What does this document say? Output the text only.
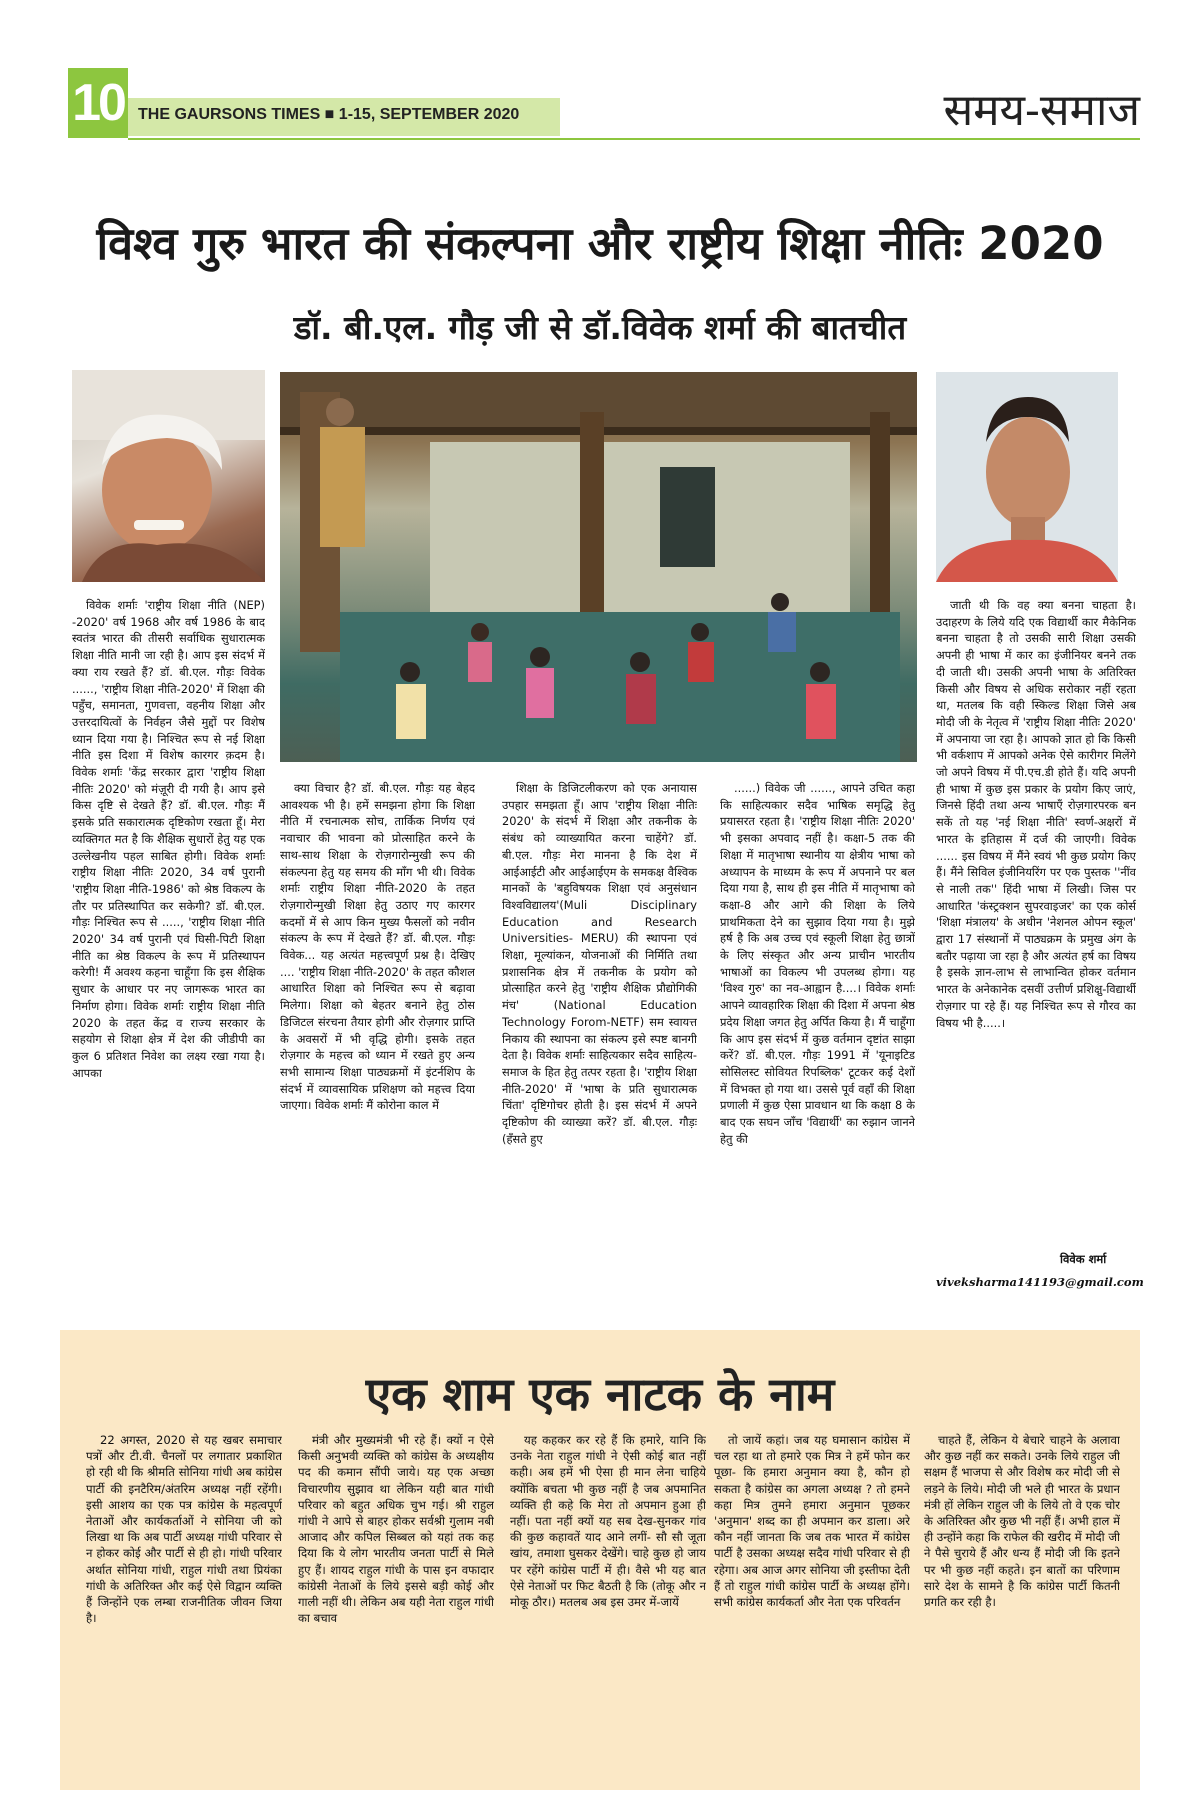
10 THE GAURSONS TIMES ■ 1-15, SEPTEMBER 2020	समय-समाज
विश्व गुरु भारत की संकल्पना और राष्ट्रीय शिक्षा नीतिः 2020
डॉ. बी.एल. गौड़ जी से डॉ.विवेक शर्मा की बातचीत

विवेक शर्माः 'राष्ट्रीय शिक्षा नीति (NEP) -2020' वर्ष 1968 और वर्ष 1986 के बाद स्वतंत्र भारत की तीसरी सर्वाधिक सुधारात्मक शिक्षा नीति मानी जा रही है। आप इस संदर्भ में क्या राय रखते हैं? डॉ. बी.एल. गौड़ः विवेक ......, 'राष्ट्रीय शिक्षा नीति-2020' में शिक्षा की पहुँच, समानता, गुणवत्ता, वहनीय शिक्षा और उत्तरदायित्वों के निर्वहन जैसे मुद्दों पर विशेष ध्यान दिया गया है। निश्चित रूप से नई शिक्षा नीति इस दिशा में विशेष कारगर क़दम है। विवेक शर्माः 'केंद्र सरकार द्वारा 'राष्ट्रीय शिक्षा नीतिः 2020' को मंज़ूरी दी गयी है। आप इसे किस दृष्टि से देखते हैं? डॉ. बी.एल. गौड़ः मैं इसके प्रति सकारात्मक दृष्टिकोण रखता हूँ। मेरा व्यक्तिगत मत है कि शैक्षिक सुधारों हेतु यह एक उल्लेखनीय पहल साबित होगी। विवेक शर्माः राष्ट्रीय शिक्षा नीतिः 2020, 34 वर्ष पुरानी 'राष्ट्रीय शिक्षा नीति-1986' को श्रेष्ठ विकल्प के तौर पर प्रतिस्थापित कर सकेगी? डॉ. बी.एल. गौड़ः निश्चित रूप से ....., 'राष्ट्रीय शिक्षा नीति 2020' 34 वर्ष पुरानी एवं घिसी-पिटी शिक्षा नीति का श्रेष्ठ विकल्प के रूप में प्रतिस्थापन करेगी! मैं अवश्य कहना चाहूँगा कि इस शैक्षिक सुधार के आधार पर नए जागरूक भारत का निर्माण होगा। विवेक शर्माः राष्ट्रीय शिक्षा नीति 2020 के तहत केंद्र व राज्य सरकार के सहयोग से शिक्षा क्षेत्र में देश की जीडीपी का कुल 6 प्रतिशत निवेश का लक्ष्य रखा गया है। आपका

क्या विचार है? डॉ. बी.एल. गौड़ः यह बेहद आवश्यक भी है। हमें समझना होगा कि शिक्षा नीति में रचनात्मक सोच, तार्किक निर्णय एवं नवाचार की भावना को प्रोत्साहित करने के साथ-साथ शिक्षा के रोज़गारोन्मुखी रूप की संकल्पना हेतु यह समय की माँग भी थी। विवेक शर्माः राष्ट्रीय शिक्षा नीति-2020 के तहत रोज़गारोन्मुखी शिक्षा हेतु उठाए गए कारगर कदमों में से आप किन मुख्य फैसलों को नवीन संकल्प के रूप में देखते हैं? डॉ. बी.एल. गौड़ः विवेक... यह अत्यंत महत्त्वपूर्ण प्रश्न है। देखिए .... 'राष्ट्रीय शिक्षा नीति-2020' के तहत कौशल आधारित शिक्षा को निश्चित रूप से बढ़ावा मिलेगा। शिक्षा को बेहतर बनाने हेतु ठोस डिजिटल संरचना तैयार होगी और रोज़गार प्राप्ति के अवसरों में भी वृद्धि होगी। इसके तहत रोज़गार के महत्त्व को ध्यान में रखते हुए अन्य सभी सामान्य शिक्षा पाठ्यक्रमों में इंटर्नशिप के संदर्भ में व्यावसायिक प्रशिक्षण को महत्त्व दिया जाएगा। विवेक शर्माः मैं कोरोना काल में

शिक्षा के डिजिटलीकरण को एक अनायास उपहार समझता हूँ। आप 'राष्ट्रीय शिक्षा नीतिः 2020' के संदर्भ में शिक्षा और तकनीक के संबंध को व्याख्यायित करना चाहेंगे? डॉ. बी.एल. गौड़ः मेरा मानना है कि देश में आईआईटी और आईआईएम के समकक्ष वैश्विक मानकों के 'बहुविषयक शिक्षा एवं अनुसंधान विश्वविद्यालय'(Muli Disciplinary Education and Research Universities- MERU) की स्थापना एवं शिक्षा, मूल्यांकन, योजनाओं की निर्मिति तथा प्रशासनिक क्षेत्र में तकनीक के प्रयोग को प्रोत्साहित करने हेतु 'राष्ट्रीय शैक्षिक प्रौद्योगिकी मंच' (National Education Technology Forom-NETF) सम स्वायत्त निकाय की स्थापना का संकल्प इसे स्पष्ट बानगी देता है। विवेक शर्माः साहित्यकार सदैव साहित्य-समाज के हित हेतु तत्पर रहता है। 'राष्ट्रीय शिक्षा नीति-2020' में 'भाषा के प्रति सुधारात्मक चिंता' दृष्टिगोचर होती है। इस संदर्भ में अपने दृष्टिकोण की व्याख्या करें? डॉ. बी.एल. गौड़ः (हँसते हुए

......) विवेक जी ......, आपने उचित कहा कि साहित्यकार सदैव भाषिक समृद्धि हेतु प्रयासरत रहता है। 'राष्ट्रीय शिक्षा नीतिः 2020' भी इसका अपवाद नहीं है। कक्षा-5 तक की शिक्षा में मातृभाषा स्थानीय या क्षेत्रीय भाषा को अध्यापन के माध्यम के रूप में अपनाने पर बल दिया गया है, साथ ही इस नीति में मातृभाषा को कक्षा-8 और आगे की शिक्षा के लिये प्राथमिकता देने का सुझाव दिया गया है। मुझे हर्ष है कि अब उच्च एवं स्कूली शिक्षा हेतु छात्रों के लिए संस्कृत और अन्य प्राचीन भारतीय भाषाओं का विकल्प भी उपलब्ध होगा। यह 'विश्व गुरु' का नव-आह्वान है....। विवेक शर्माः आपने व्यावहारिक शिक्षा की दिशा में अपना श्रेष्ठ प्रदेय शिक्षा जगत हेतु अर्पित किया है। मैं चाहूँगा कि आप इस संदर्भ में कुछ वर्तमान दृष्टांत साझा करें? डॉ. बी.एल. गौड़ः 1991 में 'यूनाइटिड सोसिलस्ट सोवियत रिपब्लिक' टूटकर कई देशों में विभक्त हो गया था। उससे पूर्व वहाँ की शिक्षा प्रणाली में कुछ ऐसा प्रावधान था कि कक्षा 8 के बाद एक सघन जाँच 'विद्यार्थी' का रुझान जानने हेतु की

जाती थी कि वह क्या बनना चाहता है। उदाहरण के लिये यदि एक विद्यार्थी कार मैकेनिक बनना चाहता है तो उसकी सारी शिक्षा उसकी अपनी ही भाषा में कार का इंजीनियर बनने तक दी जाती थी। उसकी अपनी भाषा के अतिरिक्त किसी और विषय से अधिक सरोकार नहीं रहता था, मतलब कि वही स्किल्ड शिक्षा जिसे अब मोदी जी के नेतृत्व में 'राष्ट्रीय शिक्षा नीतिः 2020' में अपनाया जा रहा है। आपको ज्ञात हो कि किसी भी वर्कशाप में आपको अनेक ऐसे कारीगर मिलेंगे जो अपने विषय में पी.एच.डी होते हैं। यदि अपनी ही भाषा में कुछ इस प्रकार के प्रयोग किए जाएं, जिनसे हिंदी तथा अन्य भाषाएँ रोज़गारपरक बन सकें तो यह 'नई शिक्षा नीति' स्वर्ण-अक्षरों में भारत के इतिहास में दर्ज की जाएगी। विवेक ...... इस विषय में मैंने स्वयं भी कुछ प्रयोग किए हैं। मैंने सिविल इंजीनियरिंग पर एक पुस्तक ''नींव से नाली तक'' हिंदी भाषा में लिखी। जिस पर आधारित 'कंस्ट्रक्शन सुपरवाइजर' का एक कोर्स 'शिक्षा मंत्रालय' के अधीन 'नेशनल ओपन स्कूल' द्वारा 17 संस्थानों में पाठ्यक्रम के प्रमुख अंग के बतौर पढ़ाया जा रहा है और अत्यंत हर्ष का विषय है इसके ज्ञान-लाभ से लाभान्वित होकर वर्तमान भारत के अनेकानेक दसवीं उत्तीर्ण प्रशिक्षु-विद्यार्थी रोज़गार पा रहे हैं। यह निश्चित रूप से गौरव का विषय भी है.....।

विवेक शर्मा
viveksharma141193@gmail.com
एक शाम एक नाटक के नाम

22 अगस्त, 2020 से यह खबर समाचार पत्रों और टी.वी. चैनलों पर लगातार प्रकाशित हो रही थी कि श्रीमति सोनिया गांधी अब कांग्रेस पार्टी की इनटैरिम/अंतरिम अध्यक्ष नहीं रहेंगी। इसी आशय का एक पत्र कांग्रेस के महत्वपूर्ण नेताओं और कार्यकर्ताओं ने सोनिया जी को लिखा था कि अब पार्टी अध्यक्ष गांधी परिवार से न होकर कोई और पार्टी से ही हो। गांधी परिवार अर्थात सोनिया गांधी, राहुल गांधी तथा प्रियंका गांधी के अतिरिक्त और कई ऐसे विद्वान व्यक्ति हैं जिन्होंने एक लम्बा राजनीतिक जीवन जिया है।

मंत्री और मुख्यमंत्री भी रहे हैं। क्यों न ऐसे किसी अनुभवी व्यक्ति को कांग्रेस के अध्यक्षीय पद की कमान सौंपी जाये। यह एक अच्छा विचारणीय सुझाव था लेकिन यही बात गांधी परिवार को बहुत अधिक चुभ गई। श्री राहुल गांधी ने आपे से बाहर होकर सर्वश्री गुलाम नबी आजाद और कपिल सिब्बल को यहां तक कह दिया कि ये लोग भारतीय जनता पार्टी से मिले हुए हैं। शायद राहुल गांधी के पास इन वफादार कांग्रेसी नेताओं के लिये इससे बड़ी कोई और गाली नहीं थी। लेकिन अब यही नेता राहुल गांधी का बचाव

यह कहकर कर रहे हैं कि हमारे, यानि कि उनके नेता राहुल गांधी ने ऐसी कोई बात नहीं कही। अब हमें भी ऐसा ही मान लेना चाहिये क्योंकि बचता भी कुछ नहीं है जब अपमानित व्यक्ति ही कहे कि मेरा तो अपमान हुआ ही नहीं। पता नहीं क्यों यह सब देख-सुनकर गांव की कुछ कहावतें याद आने लगीं- सौ सौ जूता खांय, तमाशा घुसकर देखेंगे। चाहे कुछ हो जाय पर रहेंगे कांग्रेस पार्टी में ही। वैसे भी यह बात ऐसे नेताओं पर फिट बैठती है कि (तोकू और न मोकू ठौर।) मतलब अब इस उमर में-जायें

तो जायें कहां। जब यह घमासान कांग्रेस में चल रहा था तो हमारे एक मित्र ने हमें फोन कर पूछा- कि हमारा अनुमान क्या है, कौन हो सकता है कांग्रेस का अगला अध्यक्ष ? तो हमने कहा मित्र तुमने हमारा अनुमान पूछकर 'अनुमान' शब्द का ही अपमान कर डाला। अरे कौन नहीं जानता कि जब तक भारत में कांग्रेस पार्टी है उसका अध्यक्ष सदैव गांधी परिवार से ही रहेगा। अब आज अगर सोनिया जी इस्तीफा देती हैं तो राहुल गांधी कांग्रेस पार्टी के अध्यक्ष होंगे। सभी कांग्रेस कार्यकर्ता और नेता एक परिवर्तन

चाहते हैं, लेकिन ये बेचारे चाहने के अलावा और कुछ नहीं कर सकते। उनके लिये राहुल जी सक्षम हैं भाजपा से और विशेष कर मोदी जी से लड़ने के लिये। मोदी जी भले ही भारत के प्रधान मंत्री हों लेकिन राहुल जी के लिये तो वे एक चोर के अतिरिक्त और कुछ भी नहीं हैं। अभी हाल में ही उन्होंने कहा कि राफेल की खरीद में मोदी जी ने पैसे चुराये हैं और धन्य हैं मोदी जी कि इतने पर भी कुछ नहीं कहते। इन बातों का परिणाम सारे देश के सामने है कि कांग्रेस पार्टी कितनी प्रगति कर रही है।
